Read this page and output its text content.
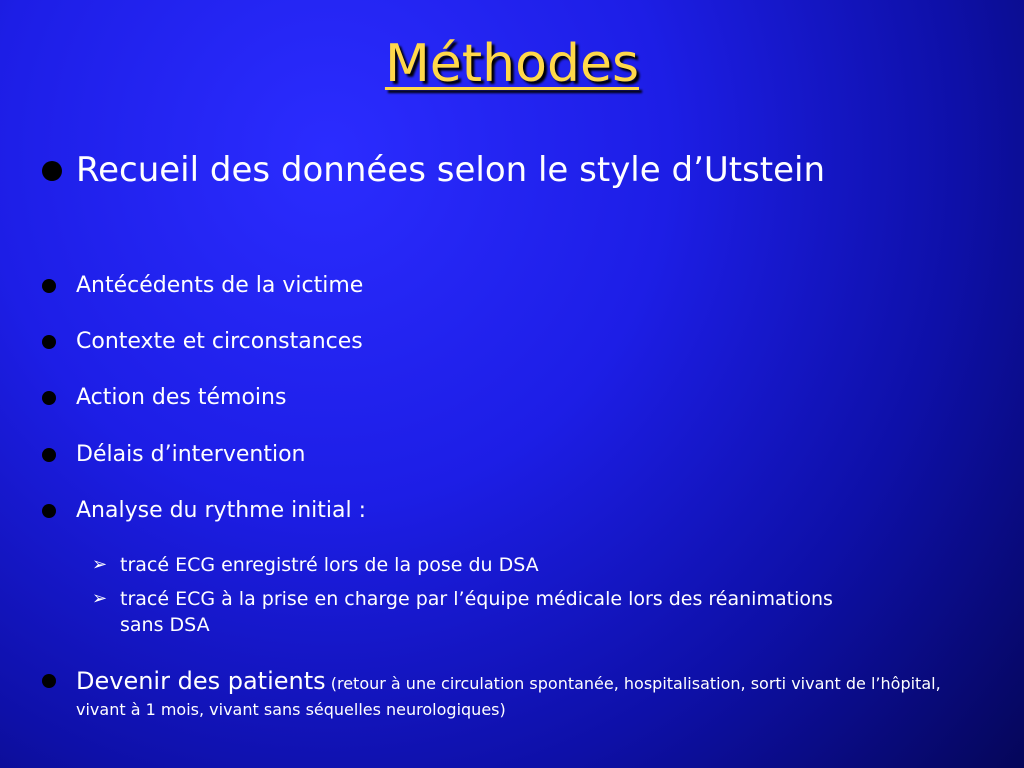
Méthodes
Recueil des données selon le style d’Utstein
Antécédents de la victime
Contexte et circonstances
Action des témoins
Délais d’intervention
Analyse du rythme initial :
➢ tracé ECG enregistré lors de la pose du DSA
➢ tracé ECG à la prise en charge par l’équipe médicale lors des réanimations sans DSA
Devenir des patients (retour à une circulation spontanée, hospitalisation, sorti vivant de l’hôpital, vivant à 1 mois, vivant sans séquelles neurologiques)
